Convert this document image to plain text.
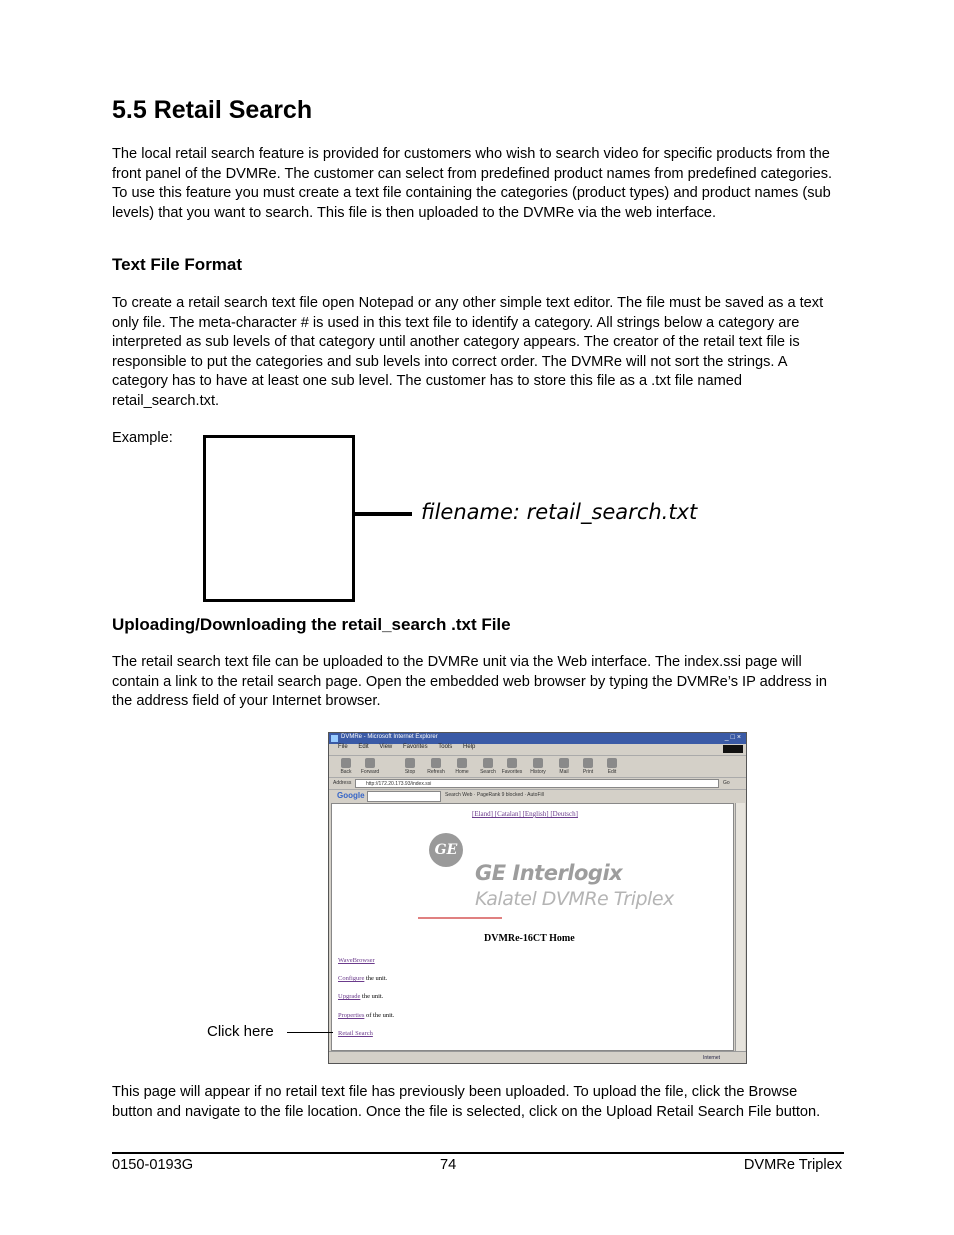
5.5 Retail Search

The local retail search feature is provided for customers who wish to search video for specific products from the front panel of the DVMRe. The customer can select from predefined product names from predefined categories. To use this feature you must create a text file containing the categories (product types) and product names (sub levels) that you want to search. This file is then uploaded to the DVMRe via the web interface.

Text File Format

To create a retail search text file open Notepad or any other simple text editor. The file must be saved as a text only file. The meta-character # is used in this text file to identify a category. All strings below a category are interpreted as sub levels of that category until another category appears. The creator of the retail text file is responsible to put the categories and sub levels into correct order. The DVMRe will not sort the strings. A category has to have at least one sub level. The customer has to store this file as a .txt file named retail_search.txt.

Example:
filename: retail_search.txt
Uploading/Downloading the retail_search .txt File

The retail search text file can be uploaded to the DVMRe unit via the Web interface. The index.ssi page will contain a link to the retail search page. Open the embedded web browser by typing the DVMRe’s IP address in the address field of your Internet browser.

DVMRe - Microsoft Internet Explorer	_□×
File Edit View Favorites Tools Help
Back	Forward	Stop	Refresh	Home	Search	Favorites	History	Mail	Print	Edit
Address	http://172.20.173.93/index.ssi	Go
Google	Search Web · PageRank 9 blocked · AutoFill
[Eland] [Catalan] [English] [Deutsch]
GE
GE Interlogix
Kalatel DVMRe Triplex
DVMRe-16CT Home
WaveBrowser
Configure the unit.
Upgrade the unit.
Properties of the unit.
Retail Search
Internet
Click here

This page will appear if no retail text file has previously been uploaded. To upload the file, click the Browse button and navigate to the file location. Once the file is selected, click on the Upload Retail Search File button.

0150-0193G	74	DVMRe Triplex
